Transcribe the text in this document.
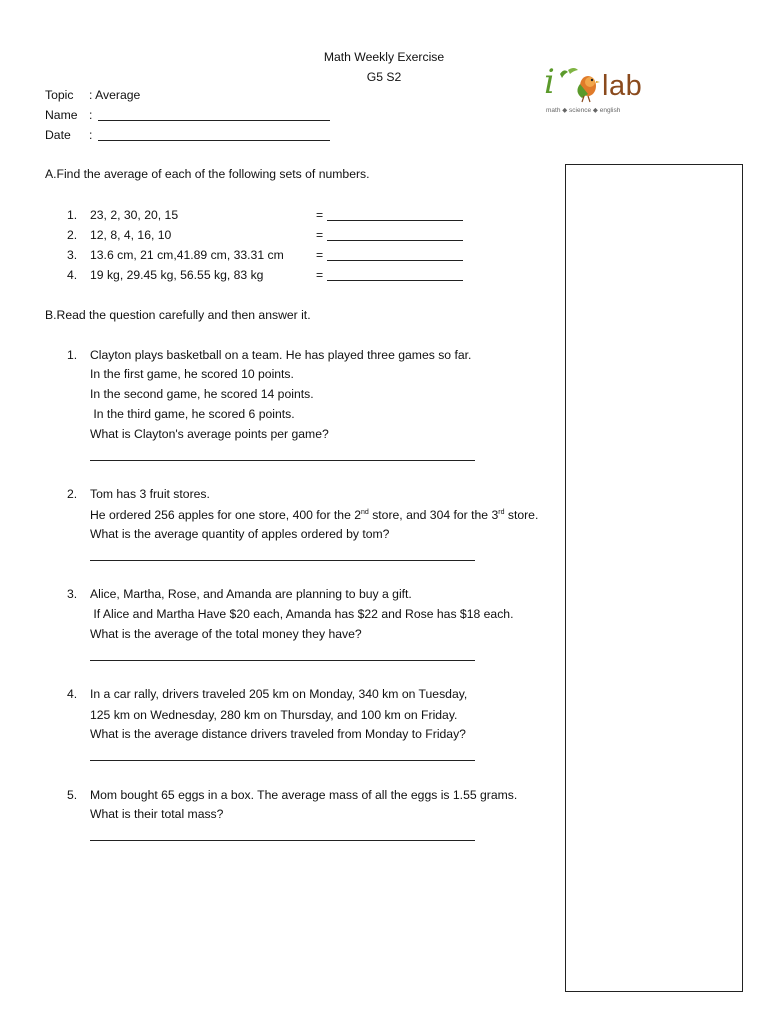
Math Weekly Exercise
G5 S2	i lab
math ◆ science ◆ english
Topic : Average
Name :
Date :
A.Find the average of each of the following sets of numbers.
1. 23, 2, 30, 20, 15	=
2. 12, 8, 4, 16, 10	=
3. 13.6 cm, 21 cm,41.89 cm, 33.31 cm	=
4. 19 kg, 29.45 kg, 56.55 kg, 83 kg	=
B.Read the question carefully and then answer it.
1. Clayton plays basketball on a team. He has played three games so far.
In the first game, he scored 10 points.
In the second game, he scored 14 points.
In the third game, he scored 6 points.
What is Clayton's average points per game?
2. Tom has 3 fruit stores.
He ordered 256 apples for one store, 400 for the 2nd store, and 304 for the 3rd store.
What is the average quantity of apples ordered by tom?
3. Alice, Martha, Rose, and Amanda are planning to buy a gift.
If Alice and Martha Have $20 each, Amanda has $22 and Rose has $18 each.
What is the average of the total money they have?
4. In a car rally, drivers traveled 205 km on Monday, 340 km on Tuesday,
125 km on Wednesday, 280 km on Thursday, and 100 km on Friday.
What is the average distance drivers traveled from Monday to Friday?
5. Mom bought 65 eggs in a box. The average mass of all the eggs is 1.55 grams.
What is their total mass?
